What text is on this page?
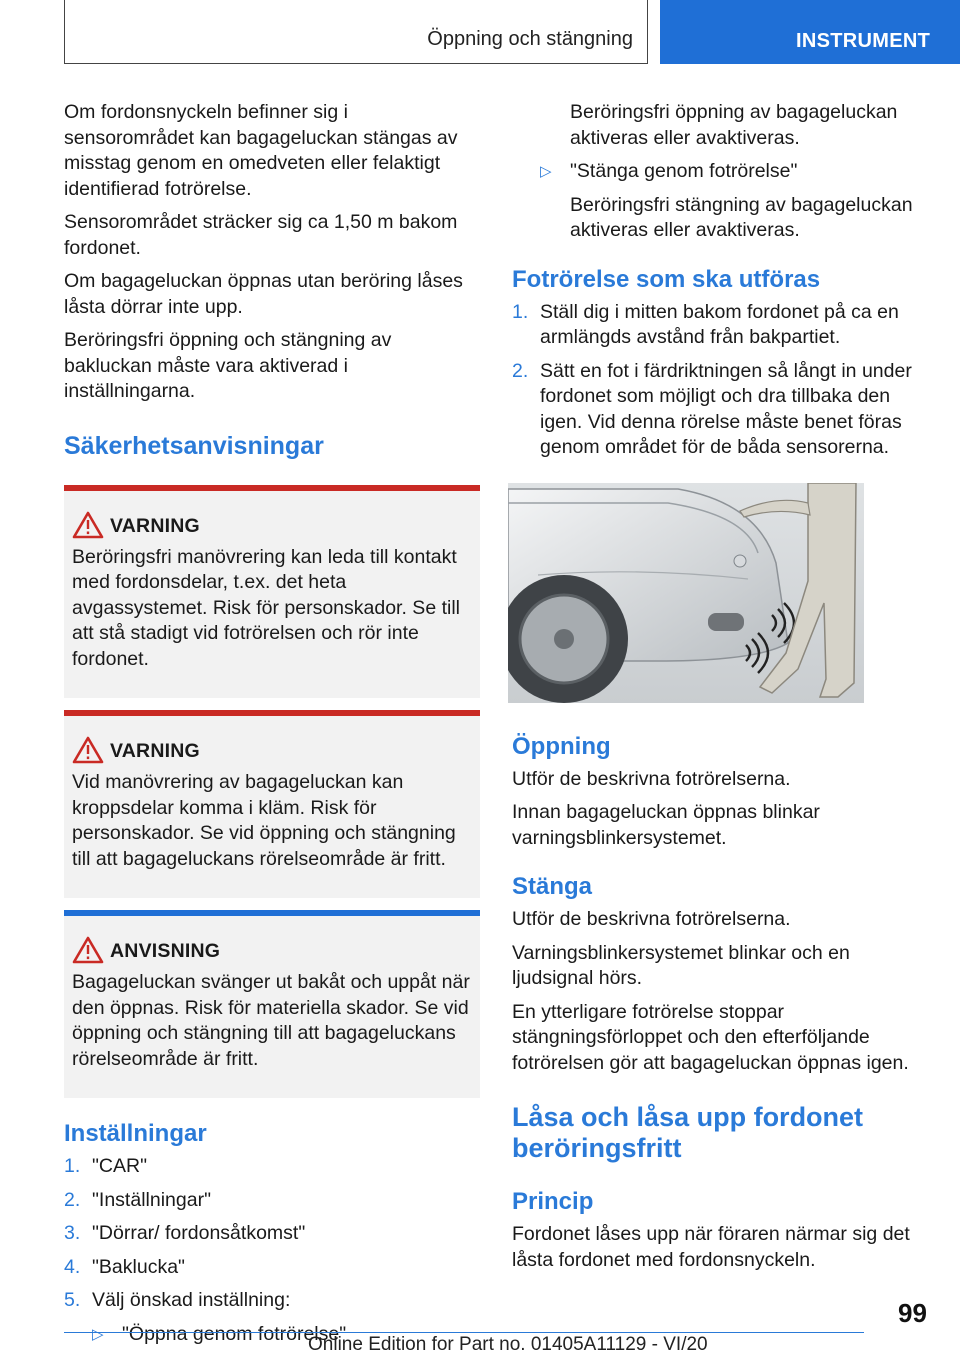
Öppning och stängning	INSTRUMENT

Om fordonsnyckeln befinner sig i sensorområdet kan bagageluckan stängas av misstag genom en omedveten eller felaktigt identifierad fotrörelse.

Sensorområdet sträcker sig ca 1,50 m bakom fordonet.

Om bagageluckan öppnas utan beröring låses låsta dörrar inte upp.

Beröringsfri öppning och stängning av bakluckan måste vara aktiverad i inställningarna.

Säkerhetsanvisningar
VARNING

Beröringsfri manövrering kan leda till kontakt med fordonsdelar, t.ex. det heta avgassystemet. Risk för personskador. Se till att stå stadigt vid fotrörelsen och rör inte fordonet.

VARNING

Vid manövrering av bagageluckan kan kroppsdelar komma i kläm. Risk för personskador. Se vid öppning och stängning till att bagageluckans rörelseområde är fritt.

ANVISNING

Bagageluckan svänger ut bakåt och uppåt när den öppnas. Risk för materiella skador. Se vid öppning och stängning till att bagageluckans rörelseområde är fritt.

Inställningar
1. "CAR"
2. "Inställningar"
3. "Dörrar/ fordonsåtkomst"
4. "Baklucka"
5. Välj önskad inställning:
▷ "Öppna genom fotrörelse"

Beröringsfri öppning av bagageluckan aktiveras eller avaktiveras.

▷ "Stänga genom fotrörelse"

Beröringsfri stängning av bagageluckan aktiveras eller avaktiveras.

Fotrörelse som ska utföras
1. Ställ dig i mitten bakom fordonet på ca en armlängds avstånd från bakpartiet.
2. Sätt en fot i färdriktningen så långt in under fordonet som möjligt och dra tillbaka den igen. Vid denna rörelse måste benet föras genom området för de båda sensorerna.
Öppning

Utför de beskrivna fotrörelserna.

Innan bagageluckan öppnas blinkar varningsblinkersystemet.

Stänga

Utför de beskrivna fotrörelserna.

Varningsblinkersystemet blinkar och en ljudsignal hörs.

En ytterligare fotrörelse stoppar stängningsförloppet och den efterföljande fotrörelsen gör att bagageluckan öppnas igen.

Låsa och låsa upp fordonet beröringsfritt
Princip

Fordonet låses upp när föraren närmar sig det låsta fordonet med fordonsnyckeln.

99
Online Edition for Part no. 01405A11129 - VI/20
